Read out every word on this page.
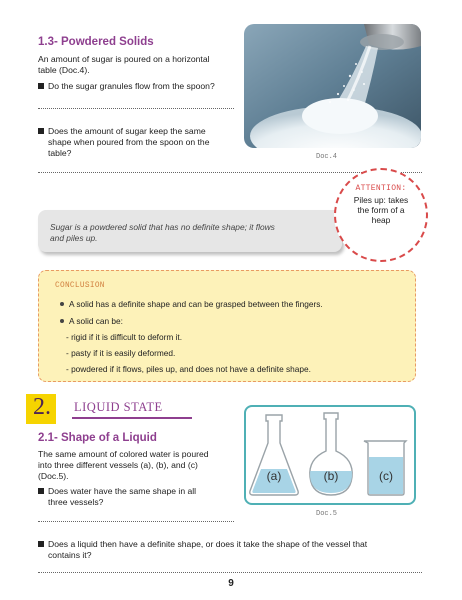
1.3- Powdered Solids
An amount of sugar is poured on a horizontal
table (Doc.4).
Do the sugar granules flow from the spoon?
Does the amount of sugar keep the same
shape when poured from the spoon on the
table?	Doc.4
Sugar is a powdered solid that has no definite shape; it flows
and piles up.
ATTENTION:
Piles up: takes
the form of a
heap
CONCLUSION
A solid has a definite shape and can be grasped between the fingers.
A solid can be:
- rigid if it is difficult to deform it.
- pasty if it is easily deformed.
- powdered if it flows, piles up, and does not have a definite shape.
2. LIQUID STATE
2.1- Shape of a Liquid
The same amount of colored water is poured
into three different vessels (a), (b), and (c)
(Doc.5).
Does water have the same shape in all
three vessels?
Does a liquid then have a definite shape, or does it take the shape of the vessel that
contains it?
(a)	(b)	(c)
Doc.5
9
